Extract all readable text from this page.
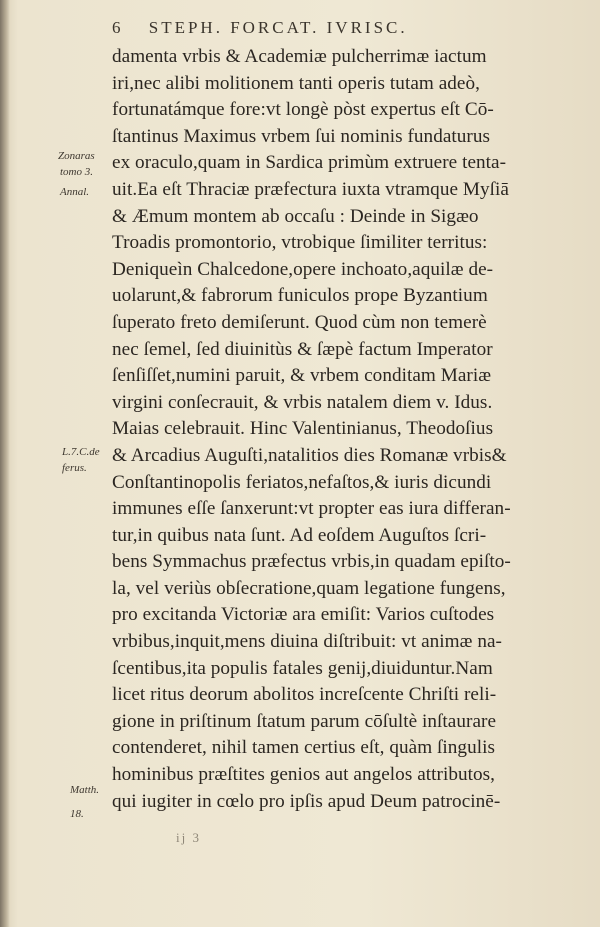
6 STEPH. FORCAT. IVRISC.
damenta vrbis & Academiæ pulcherrimæ iactum
iri,nec alibi molitionem tanti operis tutam adeò,
fortunatámque fore:vt longè pòst expertus eſt Cō-
ſtantinus Maximus vrbem ſui nominis fundaturus
ex oraculo,quam in Sardica primùm extruere tenta-
uit.Ea eſt Thraciæ præfectura iuxta vtramque Myſiā
& Æmum montem ab occaſu : Deinde in Sigæo
Troadis promontorio, vtrobique ſimiliter territus:
Deniqueìn Chalcedone,opere inchoato,aquilæ de-
uolarunt,& fabrorum funiculos prope Byzantium
ſuperato freto demiſerunt. Quod cùm non temerè
nec ſemel, ſed diuinitùs & ſæpè factum Imperator
ſenſiſſet,numini paruit, & vrbem conditam Mariæ
virgini conſecrauit, & vrbis natalem diem v. Idus.
Maias celebrauit. Hinc Valentinianus, Theodoſius
& Arcadius Auguſti,natalitios dies Romanæ vrbis&
Conſtantinopolis feriatos,nefaſtos,& iuris dicundi
immunes eſſe ſanxerunt:vt propter eas iura differan-
tur,in quibus nata ſunt. Ad eoſdem Auguſtos ſcri-
bens Symmachus præfectus vrbis,in quadam epiſto-
la, vel veriùs obſecratione,quam legatione fungens,
pro excitanda Victoriæ ara emiſit: Varios cuſtodes
vrbibus,inquit,mens diuina diſtribuit: vt animæ na-
ſcentibus,ita populis fatales genij,diuiduntur.Nam
licet ritus deorum abolitos increſcente Chriſti reli-
gione in priſtinum ſtatum parum cōſultè inſtaurare
contenderet, nihil tamen certius eſt, quàm ſingulis
hominibus præſtites genios aut angelos attributos,
qui iugiter in cœlo pro ipſis apud Deum patrocinē-
Zonaras
tomo 3.
Annal.
L.7.C.de
ferus.
Matth.
18.
ij 3
